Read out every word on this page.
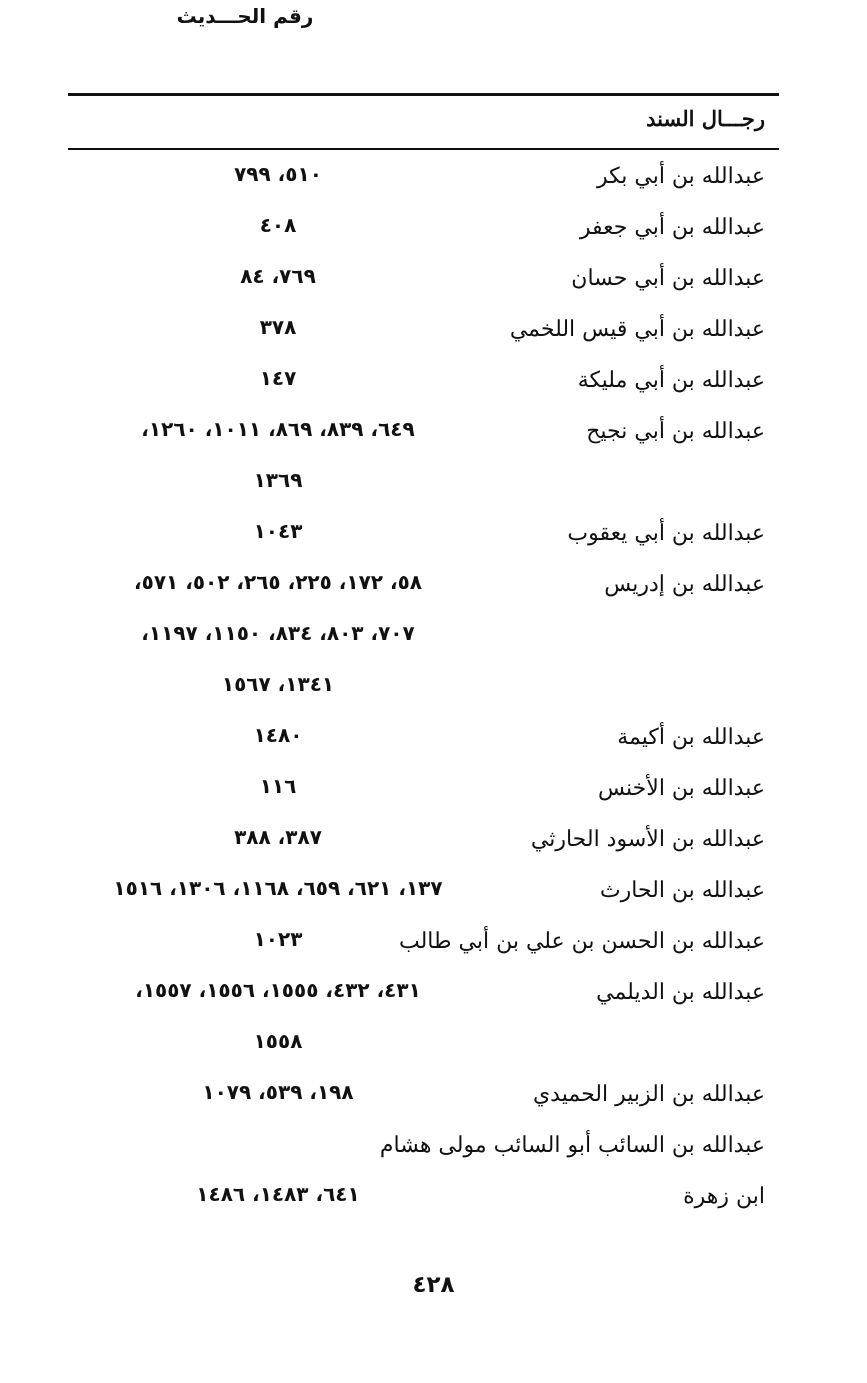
رجـــال السند
رقم الحـــديث
عبدالله بن أبي بكر
٥١٠، ٧٩٩
عبدالله بن أبي جعفر
٤٠٨
عبدالله بن أبي حسان
٧٦٩، ٨٤
عبدالله بن أبي قيس اللخمي
٣٧٨
عبدالله بن أبي مليكة
١٤٧
عبدالله بن أبي نجيح
٦٤٩، ٨٣٩، ٨٦٩، ١٠١١، ١٢٦٠،
١٣٦٩
عبدالله بن أبي يعقوب
١٠٤٣
عبدالله بن إدريس
٥٨، ١٧٢، ٢٢٥، ٢٦٥، ٥٠٢، ٥٧١،
٧٠٧، ٨٠٣، ٨٣٤، ١١٥٠، ١١٩٧،
١٣٤١، ١٥٦٧
عبدالله بن أكيمة
١٤٨٠
عبدالله بن الأخنس
١١٦
عبدالله بن الأسود الحارثي
٣٨٧، ٣٨٨
عبدالله بن الحارث
١٣٧، ٦٢١، ٦٥٩، ١١٦٨، ١٣٠٦، ١٥١٦
عبدالله بن الحسن بن علي بن أبي طالب
١٠٢٣
عبدالله بن الديلمي
٤٣١، ٤٣٢، ١٥٥٥، ١٥٥٦، ١٥٥٧،
١٥٥٨
عبدالله بن الزبير الحميدي
١٩٨، ٥٣٩، ١٠٧٩
عبدالله بن السائب أبو السائب مولى هشام
ابن زهرة
٦٤١، ١٤٨٣، ١٤٨٦
٤٢٨
